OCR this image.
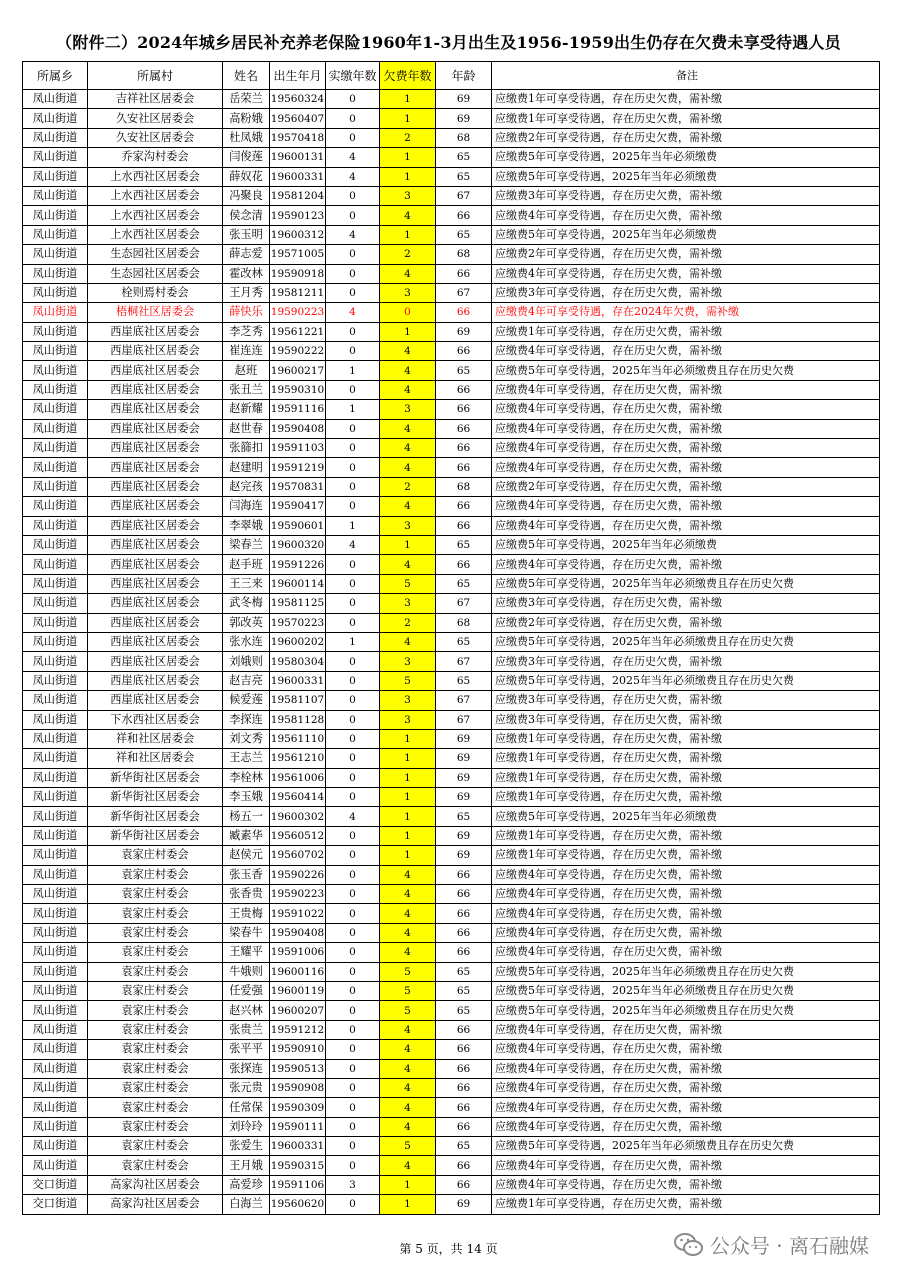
（附件二）2024年城乡居民补充养老保险1960年1-3月出生及1956-1959出生仍存在欠费未享受待遇人员
所属乡	所属村	姓名	出生年月	实缴年数	欠费年数	年龄	备注
凤山街道	吉祥社区居委会	岳荣兰	19560324	0	1	69	应缴费1年可享受待遇，存在历史欠费，需补缴
凤山街道	久安社区居委会	高粉娥	19560407	0	1	69	应缴费1年可享受待遇，存在历史欠费，需补缴
凤山街道	久安社区居委会	杜凤娥	19570418	0	2	68	应缴费2年可享受待遇，存在历史欠费，需补缴
凤山街道	乔家沟村委会	闫俊莲	19600131	4	1	65	应缴费5年可享受待遇，2025年当年必须缴费
凤山街道	上水西社区居委会	薛奴花	19600331	4	1	65	应缴费5年可享受待遇，2025年当年必须缴费
凤山街道	上水西社区居委会	冯聚良	19581204	0	3	67	应缴费3年可享受待遇，存在历史欠费，需补缴
凤山街道	上水西社区居委会	侯念清	19590123	0	4	66	应缴费4年可享受待遇，存在历史欠费，需补缴
凤山街道	上水西社区居委会	张玉明	19600312	4	1	65	应缴费5年可享受待遇，2025年当年必须缴费
凤山街道	生态园社区居委会	薛志爱	19571005	0	2	68	应缴费2年可享受待遇，存在历史欠费，需补缴
凤山街道	生态园社区居委会	霍改林	19590918	0	4	66	应缴费4年可享受待遇，存在历史欠费，需补缴
凤山街道	栓则焉村委会	王月秀	19581211	0	3	67	应缴费3年可享受待遇，存在历史欠费，需补缴
凤山街道	梧桐社区居委会	薛快乐	19590223	4	0	66	应缴费4年可享受待遇，存在2024年欠费，需补缴
凤山街道	西崖底社区居委会	李芝秀	19561221	0	1	69	应缴费1年可享受待遇，存在历史欠费，需补缴
凤山街道	西崖底社区居委会	崔连连	19590222	0	4	66	应缴费4年可享受待遇，存在历史欠费，需补缴
凤山街道	西崖底社区居委会	赵班	19600217	1	4	65	应缴费5年可享受待遇，2025年当年必须缴费且存在历史欠费
凤山街道	西崖底社区居委会	张丑兰	19590310	0	4	66	应缴费4年可享受待遇，存在历史欠费，需补缴
凤山街道	西崖底社区居委会	赵新耀	19591116	1	3	66	应缴费4年可享受待遇，存在历史欠费，需补缴
凤山街道	西崖底社区居委会	赵世春	19590408	0	4	66	应缴费4年可享受待遇，存在历史欠费，需补缴
凤山街道	西崖底社区居委会	张篩扣	19591103	0	4	66	应缴费4年可享受待遇，存在历史欠费，需补缴
凤山街道	西崖底社区居委会	赵建明	19591219	0	4	66	应缴费4年可享受待遇，存在历史欠费，需补缴
凤山街道	西崖底社区居委会	赵完孩	19570831	0	2	68	应缴费2年可享受待遇，存在历史欠费，需补缴
凤山街道	西崖底社区居委会	闫海连	19590417	0	4	66	应缴费4年可享受待遇，存在历史欠费，需补缴
凤山街道	西崖底社区居委会	李翠娥	19590601	1	3	66	应缴费4年可享受待遇，存在历史欠费，需补缴
凤山街道	西崖底社区居委会	梁春兰	19600320	4	1	65	应缴费5年可享受待遇，2025年当年必须缴费
凤山街道	西崖底社区居委会	赵手班	19591226	0	4	66	应缴费4年可享受待遇，存在历史欠费，需补缴
凤山街道	西崖底社区居委会	王三来	19600114	0	5	65	应缴费5年可享受待遇，2025年当年必须缴费且存在历史欠费
凤山街道	西崖底社区居委会	武冬梅	19581125	0	3	67	应缴费3年可享受待遇，存在历史欠费，需补缴
凤山街道	西崖底社区居委会	郭改英	19570223	0	2	68	应缴费2年可享受待遇，存在历史欠费，需补缴
凤山街道	西崖底社区居委会	张水连	19600202	1	4	65	应缴费5年可享受待遇，2025年当年必须缴费且存在历史欠费
凤山街道	西崖底社区居委会	刘娥则	19580304	0	3	67	应缴费3年可享受待遇，存在历史欠费，需补缴
凤山街道	西崖底社区居委会	赵吉亮	19600331	0	5	65	应缴费5年可享受待遇，2025年当年必须缴费且存在历史欠费
凤山街道	西崖底社区居委会	候爱莲	19581107	0	3	67	应缴费3年可享受待遇，存在历史欠费，需补缴
凤山街道	下水西社区居委会	李探连	19581128	0	3	67	应缴费3年可享受待遇，存在历史欠费，需补缴
凤山街道	祥和社区居委会	刘文秀	19561110	0	1	69	应缴费1年可享受待遇，存在历史欠费，需补缴
凤山街道	祥和社区居委会	王志兰	19561210	0	1	69	应缴费1年可享受待遇，存在历史欠费，需补缴
凤山街道	新华街社区居委会	李栓林	19561006	0	1	69	应缴费1年可享受待遇，存在历史欠费，需补缴
凤山街道	新华街社区居委会	李玉娥	19560414	0	1	69	应缴费1年可享受待遇，存在历史欠费，需补缴
凤山街道	新华街社区居委会	杨五一	19600302	4	1	65	应缴费5年可享受待遇，2025年当年必须缴费
凤山街道	新华街社区居委会	臧素华	19560512	0	1	69	应缴费1年可享受待遇，存在历史欠费，需补缴
凤山街道	袁家庄村委会	赵侯元	19560702	0	1	69	应缴费1年可享受待遇，存在历史欠费，需补缴
凤山街道	袁家庄村委会	张玉香	19590226	0	4	66	应缴费4年可享受待遇，存在历史欠费，需补缴
凤山街道	袁家庄村委会	张香贵	19590223	0	4	66	应缴费4年可享受待遇，存在历史欠费，需补缴
凤山街道	袁家庄村委会	王贵梅	19591022	0	4	66	应缴费4年可享受待遇，存在历史欠费，需补缴
凤山街道	袁家庄村委会	梁春牛	19590408	0	4	66	应缴费4年可享受待遇，存在历史欠费，需补缴
凤山街道	袁家庄村委会	王耀平	19591006	0	4	66	应缴费4年可享受待遇，存在历史欠费，需补缴
凤山街道	袁家庄村委会	牛娥则	19600116	0	5	65	应缴费5年可享受待遇，2025年当年必须缴费且存在历史欠费
凤山街道	袁家庄村委会	任爱强	19600119	0	5	65	应缴费5年可享受待遇，2025年当年必须缴费且存在历史欠费
凤山街道	袁家庄村委会	赵兴林	19600207	0	5	65	应缴费5年可享受待遇，2025年当年必须缴费且存在历史欠费
凤山街道	袁家庄村委会	张贵兰	19591212	0	4	66	应缴费4年可享受待遇，存在历史欠费，需补缴
凤山街道	袁家庄村委会	张平平	19590910	0	4	66	应缴费4年可享受待遇，存在历史欠费，需补缴
凤山街道	袁家庄村委会	张探连	19590513	0	4	66	应缴费4年可享受待遇，存在历史欠费，需补缴
凤山街道	袁家庄村委会	张元贵	19590908	0	4	66	应缴费4年可享受待遇，存在历史欠费，需补缴
凤山街道	袁家庄村委会	任常保	19590309	0	4	66	应缴费4年可享受待遇，存在历史欠费，需补缴
凤山街道	袁家庄村委会	刘玲玲	19590111	0	4	66	应缴费4年可享受待遇，存在历史欠费，需补缴
凤山街道	袁家庄村委会	张爱生	19600331	0	5	65	应缴费5年可享受待遇，2025年当年必须缴费且存在历史欠费
凤山街道	袁家庄村委会	王月娥	19590315	0	4	66	应缴费4年可享受待遇，存在历史欠费，需补缴
交口街道	高家沟社区居委会	高爱珍	19591106	3	1	66	应缴费4年可享受待遇，存在历史欠费，需补缴
交口街道	高家沟社区居委会	白海兰	19560620	0	1	69	应缴费1年可享受待遇，存在历史欠费，需补缴
第 5 页，共 14 页	公众号 · 离石融媒
